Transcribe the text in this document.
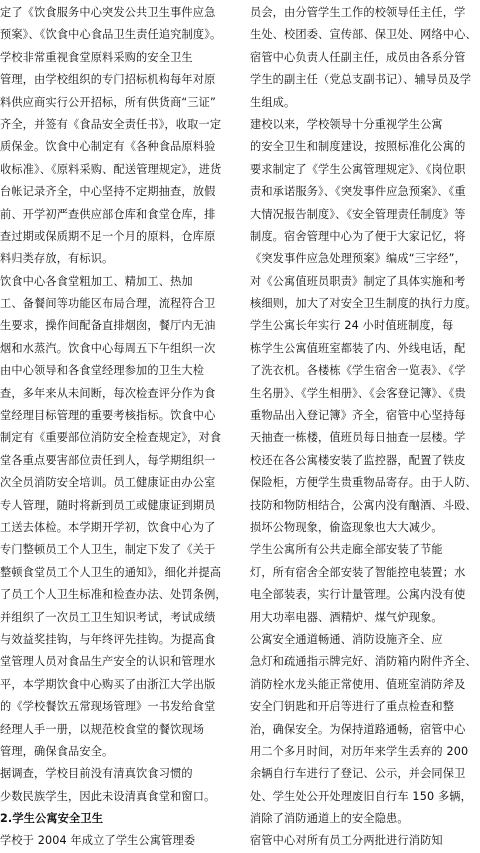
定了《饮食服务中心突发公共卫生事件应急
预案》、《饮食中心食品卫生责任追究制度》。
学校非常重视食堂原料采购的安全卫生
管理，由学校组织的专门招标机构每年对原
料供应商实行公开招标，所有供货商“三证”
齐全，并签有《食品安全责任书》，收取一定
质保金。饮食中心制定有《各种食品原料验
收标准》、《原料采购、配送管理规定》，进货
台帐记录齐全，中心坚持不定期抽查，放假
前、开学初严查供应部仓库和食堂仓库，排
查过期或保质期不足一个月的原料，仓库原
料归类存放，有标识。
饮食中心各食堂粗加工、精加工、热加
工、备餐间等功能区布局合理，流程符合卫
生要求，操作间配备直排烟囱，餐厅内无油
烟和水蒸汽。饮食中心每周五下午组织一次
由中心领导和各食堂经理参加的卫生大检
查，多年来从未间断，每次检查评分作为食
堂经理目标管理的重要考核指标。饮食中心
制定有《重要部位消防安全检查规定》，对食
堂各重点要害部位责任到人，每学期组织一
次全员消防安全培训。员工健康证由办公室
专人管理，随时将新到员工或健康证到期员
工送去体检。本学期开学初，饮食中心为了
专门整顿员工个人卫生，制定下发了《关于
整顿食堂员工个人卫生的通知》，细化并提高
了员工个人卫生标准和检查办法、处罚条例，
并组织了一次员工卫生知识考试，考试成绩
与效益奖挂钩，与年终评先挂钩。为提高食
堂管理人员对食品生产安全的认识和管理水
平，本学期饮食中心购买了由浙江大学出版
的《学校餐饮五常现场管理》一书发给食堂
经理人手一册，以规范校食堂的餐饮现场
管理，确保食品安全。
据调查，学校目前没有清真饮食习惯的
少数民族学生，因此未设清真食堂和窗口。
2.学生公寓安全卫生
学校于 2004 年成立了学生公寓管理委
员会，由分管学生工作的校领导任主任，学
生处、校团委、宣传部、保卫处、网络中心、
宿管中心负责人任副主任，成员由各系分管
学生的副主任（党总支副书记）、辅导员及学
生组成。
建校以来，学校领导十分重视学生公寓
的安全卫生和制度建设，按照标准化公寓的
要求制定了《学生公寓管理规定》、《岗位职
责和承诺服务》、《突发事件应急预案》、《重
大情况报告制度》、《安全管理责任制度》等
制度。宿舍管理中心为了便于大家记忆，将
《突发事件应急处理预案》编成“三字经”，
对《公寓值班员职责》制定了具体实施和考
核细则，加大了对安全卫生制度的执行力度。
学生公寓长年实行 24 小时值班制度，每
栋学生公寓值班室都装了内、外线电话，配
了洗衣机。各楼栋《学生宿舍一览表》、《学
生名册》、《学生相册》、《会客登记簿》、《贵
重物品出入登记簿》齐全，宿管中心坚持每
天抽查一栋楼，值班员每日抽查一层楼。学
校还在各公寓楼安装了监控器，配置了铁皮
保险柜，方便学生贵重物品寄存。由于人防、
技防和物防相结合，公寓内没有酗酒、斗殴、
损坏公物现象，偷盗现象也大大减少。
学生公寓所有公共走廊全部安装了节能
灯，所有宿舍全部安装了智能控电装置；水
电全部装表，实行计量管理。公寓内没有使
用大功率电器、酒精炉、煤气炉现象。
公寓安全通道畅通、消防设施齐全、应
急灯和疏通指示牌完好、消防箱内附件齐全、
消防栓水龙头能正常使用、值班室消防斧及
安全门钥匙和开启等进行了重点检查和整
治，确保安全。为保持道路通畅，宿管中心
用二个多月时间，对历年来学生丢弃的 200
余辆自行车进行了登记、公示，并会同保卫
处、学生处公开处理废旧自行车 150 多辆，
消除了消防通道上的安全隐患。
宿管中心对所有员工分两批进行消防知
